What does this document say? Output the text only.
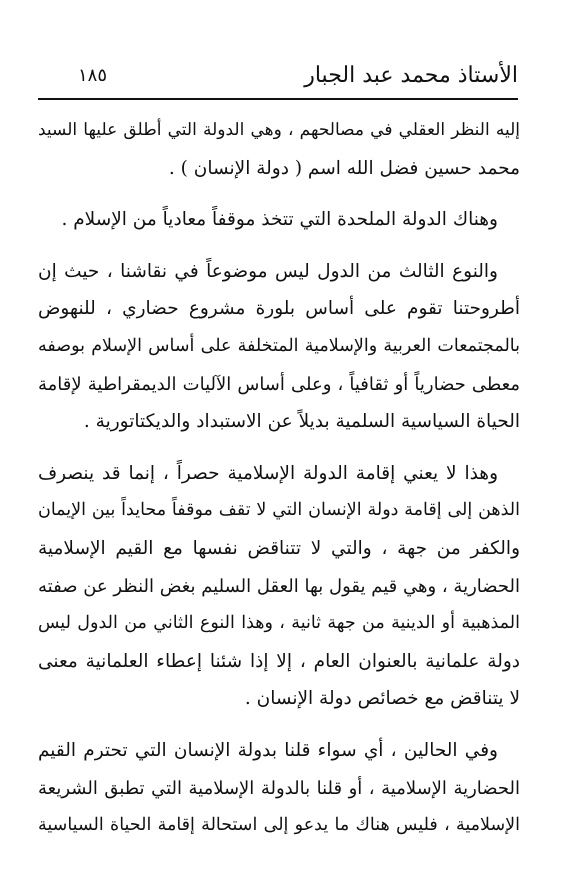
الأستاذ محمد عبد الجبار
١٨٥
إليه النظر العقلي في مصالحهم ، وهي الدولة التي أطلق عليها السيد
محمد حسين فضل الله اسم ( دولة الإنسان ) .
وهناك الدولة الملحدة التي تتخذ موقفاً معادياً من الإسلام .
والنوع الثالث من الدول ليس موضوعاً في نقاشنا ، حيث إن
أطروحتنا تقوم على أساس بلورة مشروع حضاري ، للنهوض
بالمجتمعات العربية والإسلامية المتخلفة على أساس الإسلام بوصفه
معطى حضارياً أو ثقافياً ، وعلى أساس الآليات الديمقراطية لإقامة
الحياة السياسية السلمية بديلاً عن الاستبداد والديكتاتورية .
وهذا لا يعني إقامة الدولة الإسلامية حصراً ، إنما قد ينصرف
الذهن إلى إقامة دولة الإنسان التي لا تقف موقفاً محايداً بين الإيمان
والكفر من جهة ، والتي لا تتناقض نفسها مع القيم الإسلامية
الحضارية ، وهي قيم يقول بها العقل السليم بغض النظر عن صفته
المذهبية أو الدينية من جهة ثانية ، وهذا النوع الثاني من الدول ليس
دولة علمانية بالعنوان العام ، إلا إذا شئنا إعطاء العلمانية معنى
لا يتناقض مع خصائص دولة الإنسان .
وفي الحالين ، أي سواء قلنا بدولة الإنسان التي تحترم القيم
الحضارية الإسلامية ، أو قلنا بالدولة الإسلامية التي تطبق الشريعة
الإسلامية ، فليس هناك ما يدعو إلى استحالة إقامة الحياة السياسية
